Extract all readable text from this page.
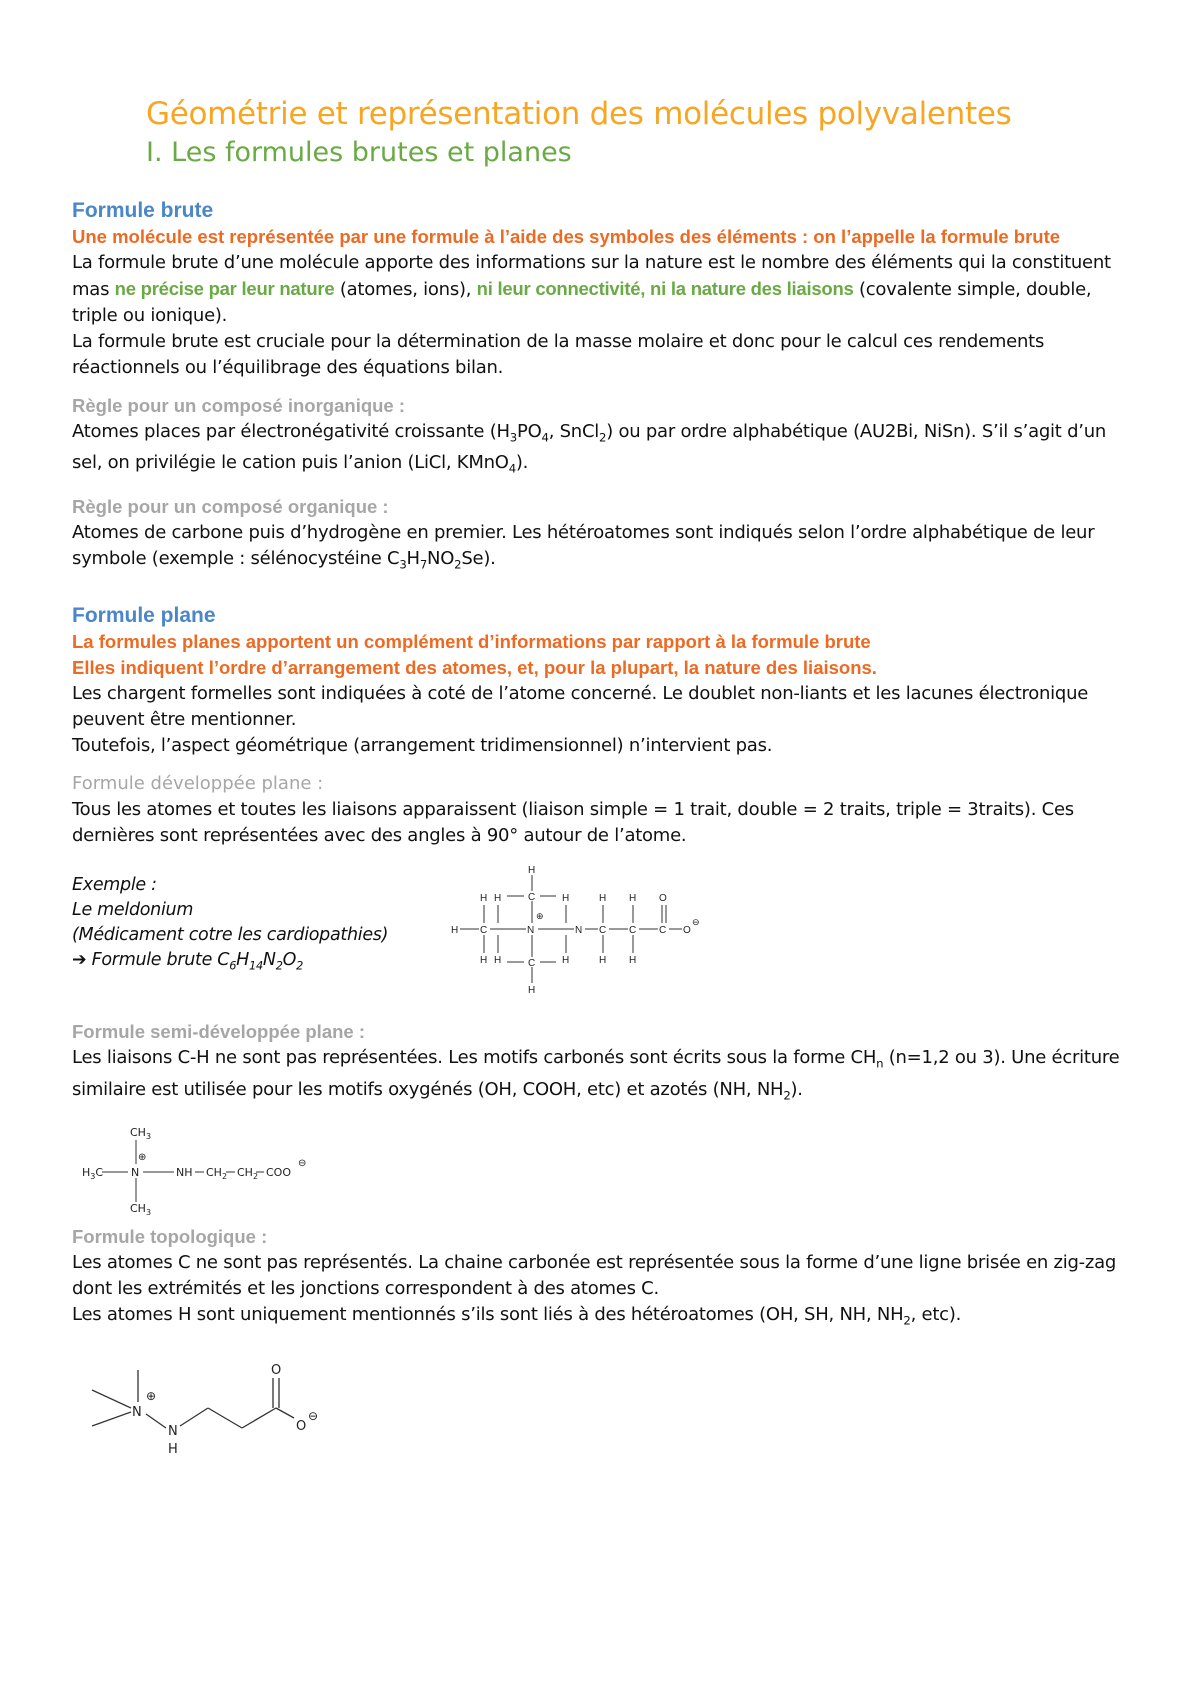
Géométrie et représentation des molécules polyvalentes
I. Les formules brutes et planes
Formule brute
Une molécule est représentée par une formule à l’aide des symboles des éléments : on l’appelle la formule brute
La formule brute d’une molécule apporte des informations sur la nature est le nombre des éléments qui la constituent mas ne précise par leur nature (atomes, ions), ni leur connectivité, ni la nature des liaisons (covalente simple, double, triple ou ionique).
La formule brute est cruciale pour la détermination de la masse molaire et donc pour le calcul ces rendements réactionnels ou l’équilibrage des équations bilan.
Règle pour un composé inorganique :
Atomes places par électronégativité croissante ($H_3PO_4$, SnCl$_2$) ou par ordre alphabétique (AU2Bi, NiSn). S’il s’agit d’un sel, on privilégie le cation puis l’anion (LiCl, KMnO$_4$).
Règle pour un composé organique :
Atomes de carbone puis d’hydrogène en premier. Les hétéroatomes sont indiqués selon l’ordre alphabétique de leur symbole (exemple : sélénocystéine $C_3H_7NO_2Se$).
Formule plane
La formules planes apportent un complément d’informations par rapport à la formule brute
Elles indiquent l’ordre d’arrangement des atomes, et, pour la plupart, la nature des liaisons.
Les chargent formelles sont indiquées à coté de l’atome concerné. Le doublet non-liants et les lacunes électronique peuvent être mentionner.
Toutefois, l’aspect géométrique (arrangement tridimensionnel) n’intervient pas.
Formule développée plane :
Tous les atomes et toutes les liaisons apparaissent (liaison simple = 1 trait, double = 2 traits, triple = 3traits). Ces dernières sont représentées avec des angles à 90° autour de l’atome.
Exemple :
Le meldonium
(Médicament cotre les cardiopathies)
➔ Formule brute $C_6H_{14}N_2O_2$
H C	N	N C C C O
O
H
C
C
H
H H	H
H H	H
H H
H H
⊕
⊖
Formule semi-développée plane :
Les liaisons C-H ne sont pas représentées. Les motifs carbonés sont écrits sous la forme $CH_n$ (n=1,2 ou 3). Une écriture similaire est utilisée pour les motifs oxygénés (OH, COOH, etc) et azotés (NH, $NH_2$).
$H_3C$	N
$CH_3$
$CH_3$
⊕
NH $CH_2$ $CH_2$ COO
⊖
Formule topologique :
Les atomes C ne sont pas représentés. La chaine carbonée est représentée sous la forme d’une ligne brisée en zig-zag dont les extrémités et les jonctions correspondent à des atomes C.
Les atomes H sont uniquement mentionnés s’ils sont liés à des hétéroatomes (OH, SH, NH, $NH_2$, etc).
N
⊕
N
H
O
O
⊖
